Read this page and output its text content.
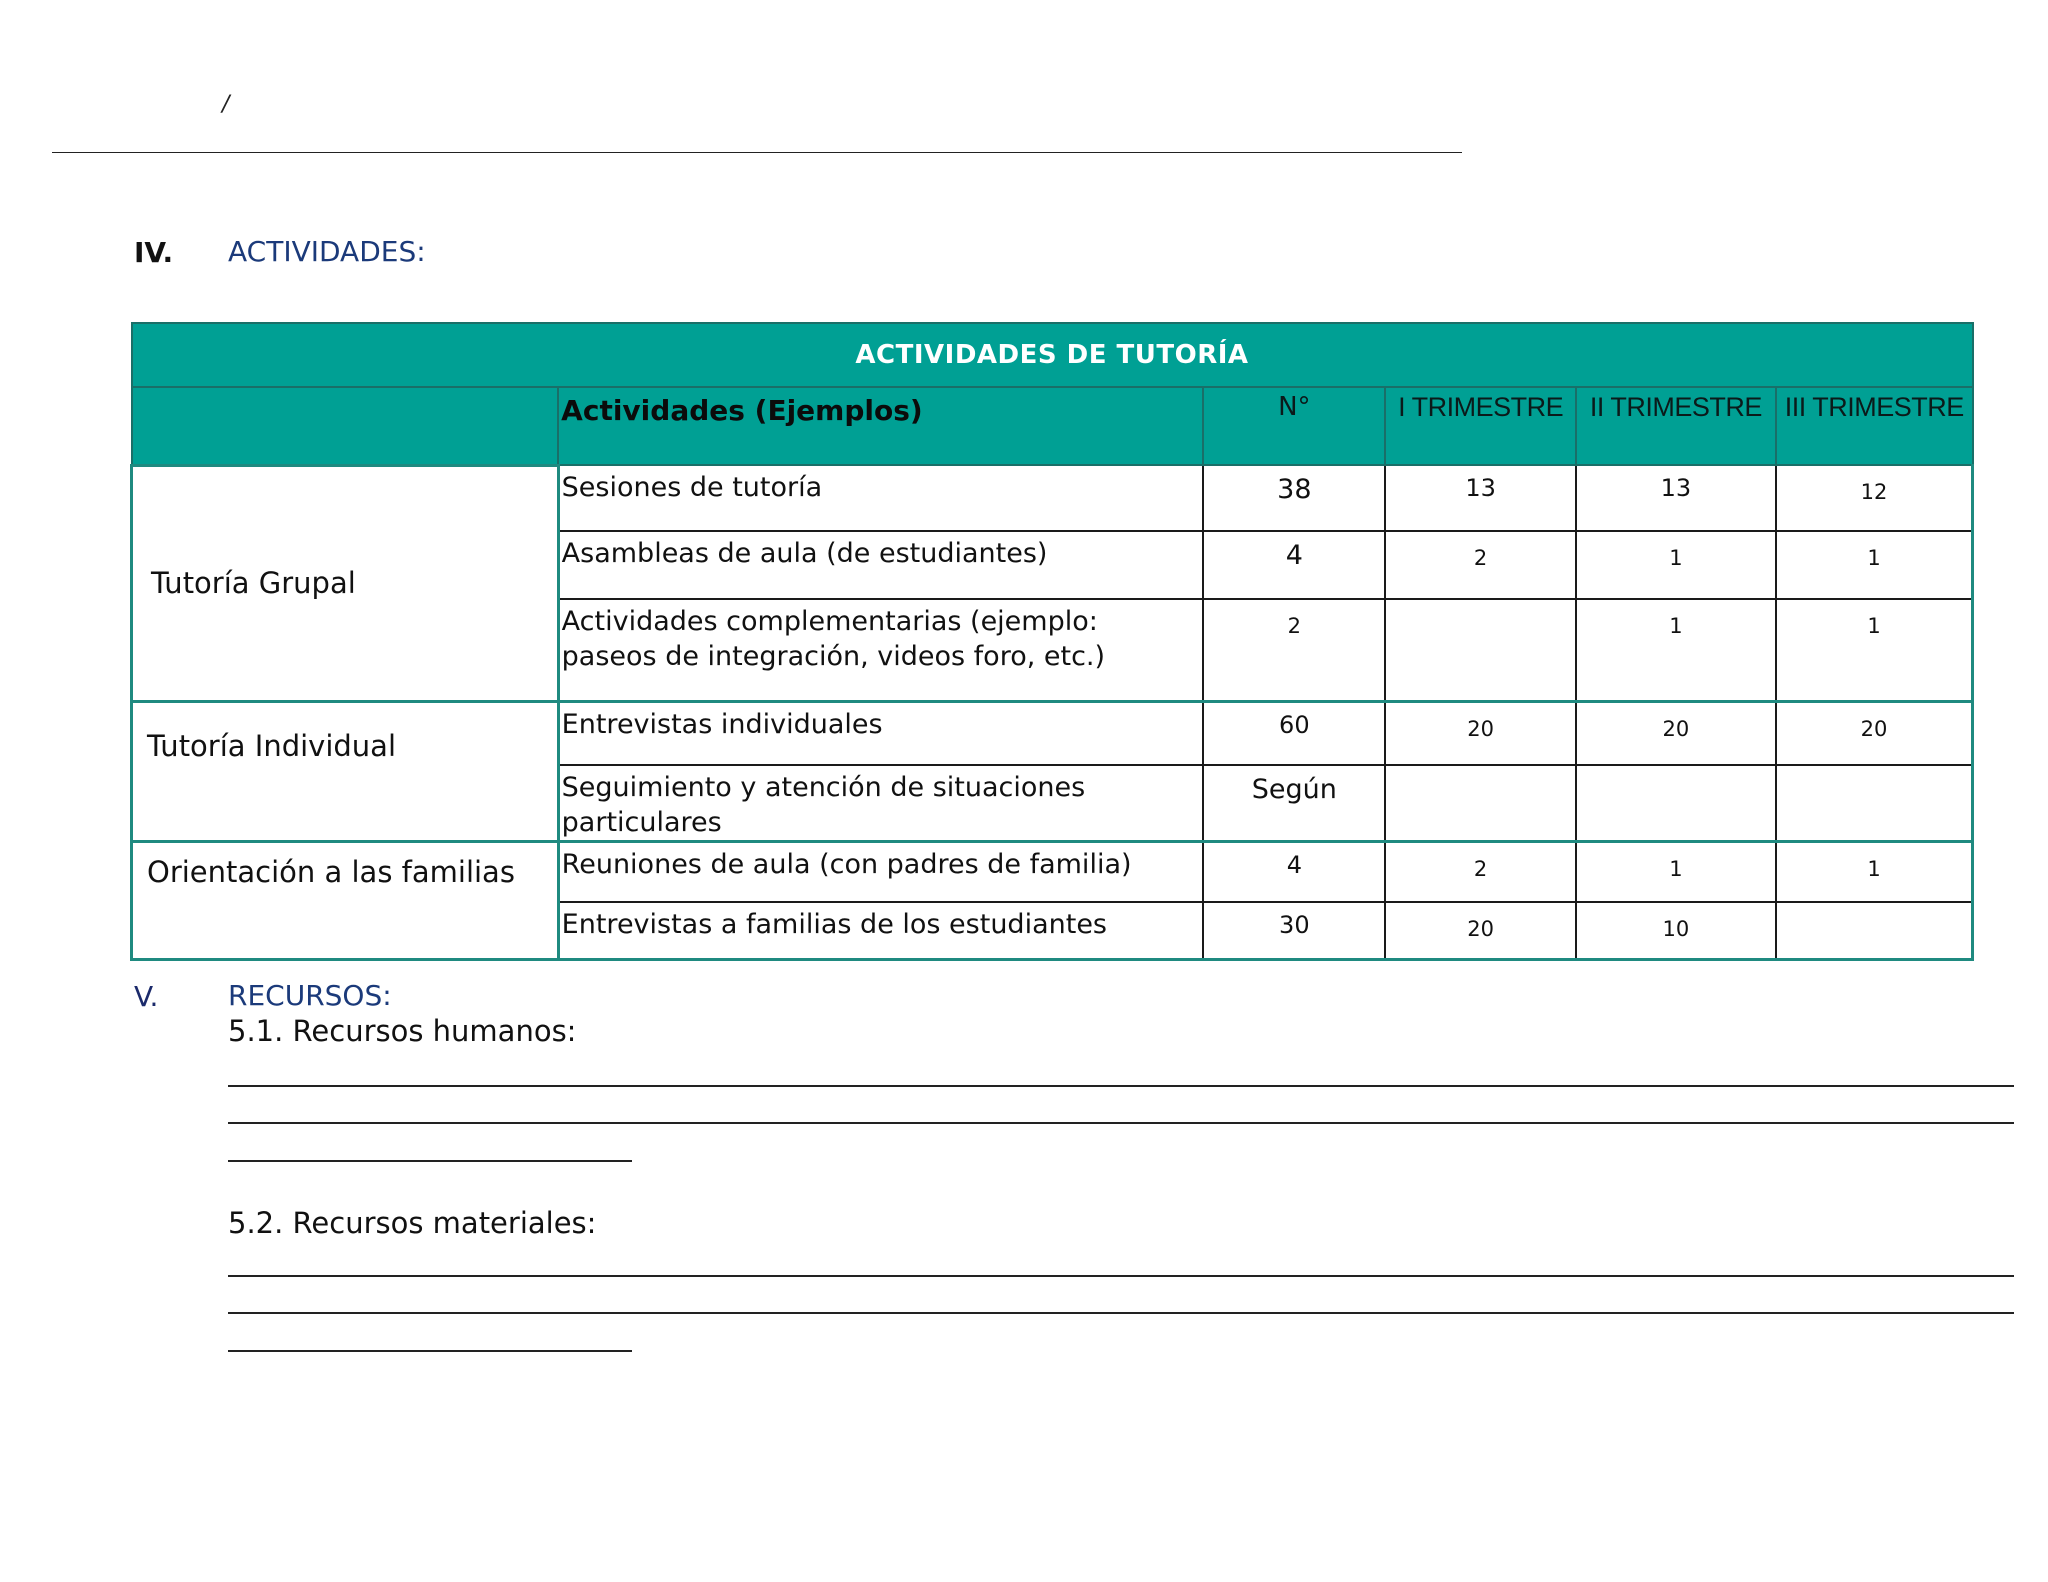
/
IV. ACTIVIDADES:
ACTIVIDADES DE TUTORÍA					
	Actividades (Ejemplos)	N°	I TRIMESTRE	II TRIMESTRE	III TRIMESTRE
Tutoría Grupal	Sesiones de tutoría	38	13	13	12
	Asambleas de aula (de estudiantes)	4	2	1	1
	Actividades complementarias (ejemplo: paseos de integración, videos foro, etc.)	2		1	1
Tutoría Individual	Entrevistas individuales	60	20	20	20
	Seguimiento y atención de situaciones particulares	Según			
Orientación a las familias	Reuniones de aula (con padres de familia)	4	2	1	1
	Entrevistas a familias de los estudiantes	30	20	10	
V. RECURSOS:
5.1. Recursos humanos:
5.2. Recursos materiales:
